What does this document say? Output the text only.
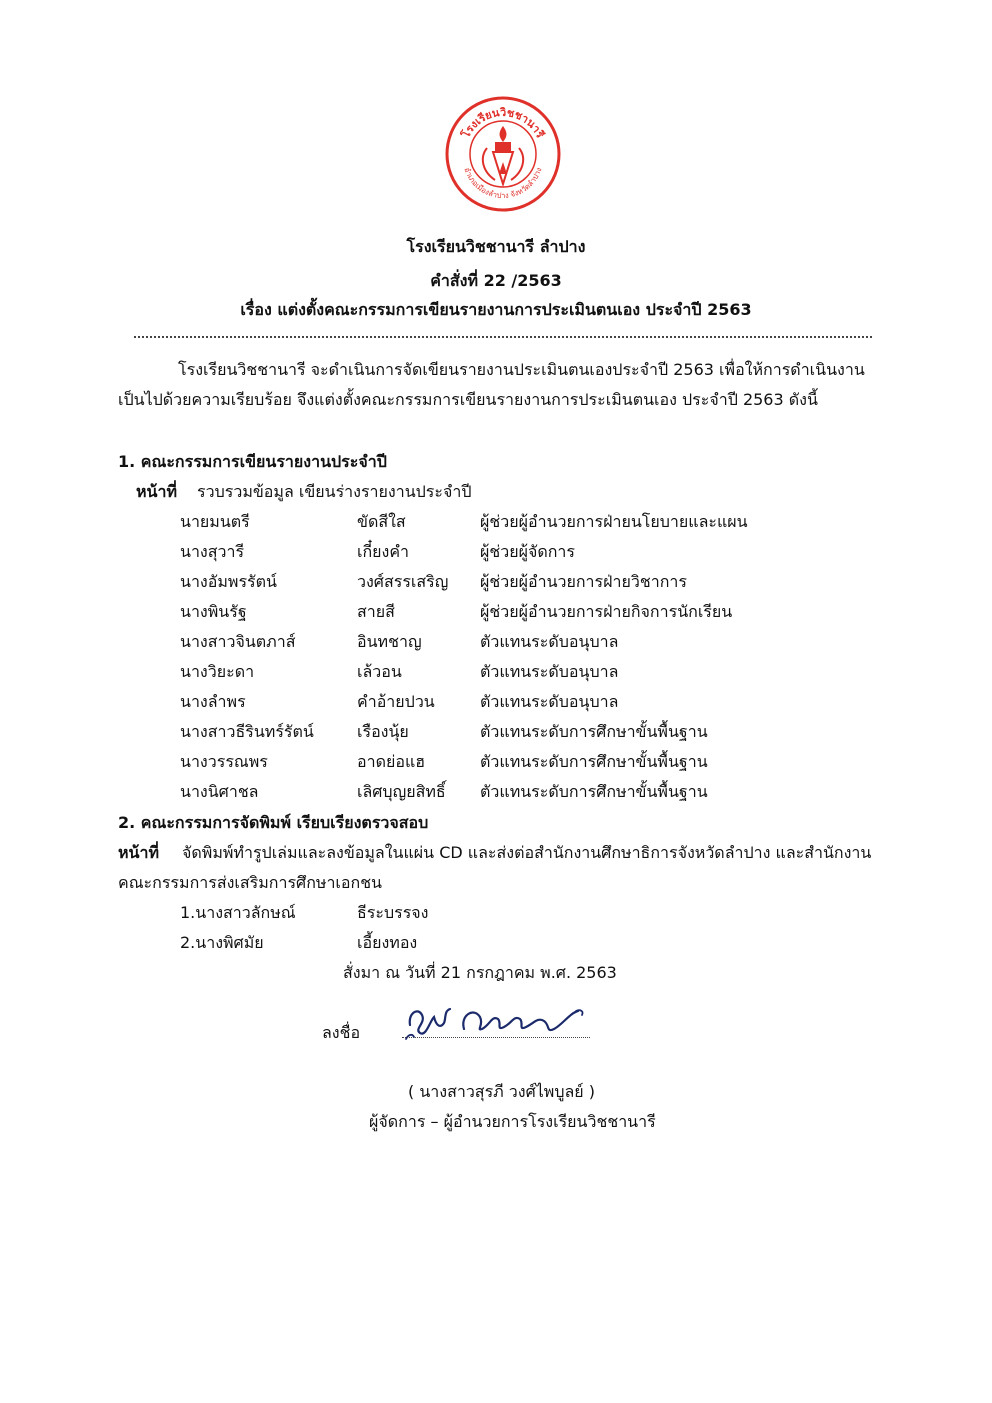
โรงเรียนวิชชานารี
อำเภอเมืองลำปาง จังหวัดลำปาง
โรงเรียนวิชชานารี ลำปาง
คำสั่งที่ 22 /2563
เรื่อง แต่งตั้งคณะกรรมการเขียนรายงานการประเมินตนเอง ประจำปี 2563
โรงเรียนวิชชานารี จะดำเนินการจัดเขียนรายงานประเมินตนเองประจำปี 2563 เพื่อให้การดำเนินงาน
เป็นไปด้วยความเรียบร้อย จึงแต่งตั้งคณะกรรมการเขียนรายงานการประเมินตนเอง ประจำปี 2563 ดังนี้
1. คณะกรรมการเขียนรายงานประจำปี
หน้าที่ รวบรวมข้อมูล เขียนร่างรายงานประจำปี
นายมนตรี	ขัดสีใส	ผู้ช่วยผู้อำนวยการฝ่ายนโยบายและแผน
นางสุวารี	เกี๋ยงคำ	ผู้ช่วยผู้จัดการ
นางอัมพรรัตน์	วงศ์สรรเสริญ ผู้ช่วยผู้อำนวยการฝ่ายวิชาการ
นางพินรัฐ	สายสี	ผู้ช่วยผู้อำนวยการฝ่ายกิจการนักเรียน
นางสาวจินตภาส์	อินทชาญ	ตัวแทนระดับอนุบาล
นางวิยะดา	เล้วอน	ตัวแทนระดับอนุบาล
นางลำพร	คำอ้ายปวน	ตัวแทนระดับอนุบาล
นางสาวธีรินทร์รัตน์	เรืองนุ้ย	ตัวแทนระดับการศึกษาขั้นพื้นฐาน
นางวรรณพร	อาดย่อแฮ	ตัวแทนระดับการศึกษาขั้นพื้นฐาน
นางนิศาชล	เลิศบุญยสิทธิ์ ตัวแทนระดับการศึกษาขั้นพื้นฐาน
2. คณะกรรมการจัดพิมพ์ เรียบเรียงตรวจสอบ
หน้าที่ จัดพิมพ์ทำรูปเล่มและลงข้อมูลในแผ่น CD และส่งต่อสำนักงานศึกษาธิการจังหวัดลำปาง และสำนักงาน
คณะกรรมการส่งเสริมการศึกษาเอกชน
1.นางสาวลักษณ์	ธีระบรรจง
2.นางพิศมัย	เอี้ยงทอง
สั่งมา ณ วันที่ 21 กรกฎาคม พ.ศ. 2563
ลงชื่อ
( นางสาวสุรภี วงศ์ไพบูลย์ )
ผู้จัดการ – ผู้อำนวยการโรงเรียนวิชชานารี
